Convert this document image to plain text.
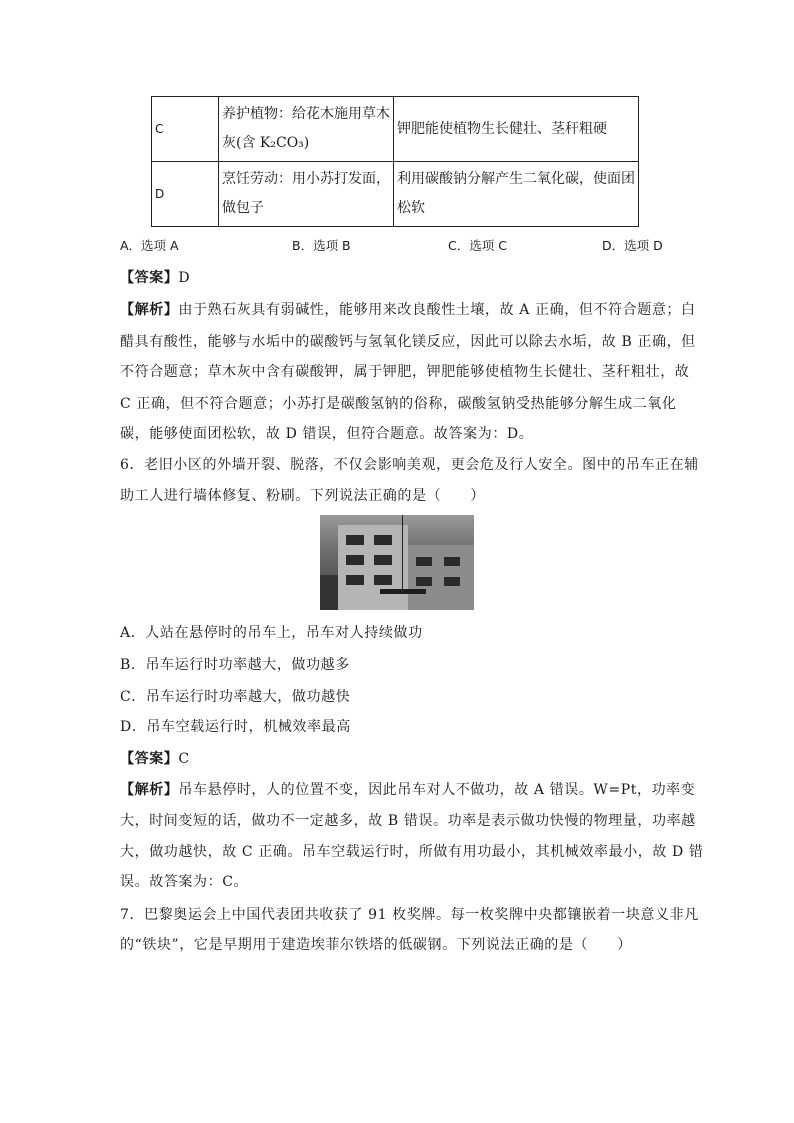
C	养护植物：给花木施用草木灰(含 K₂CO₃)	钾肥能使植物生长健壮、茎秆粗硬
D	烹饪劳动：用小苏打发面，做包子	利用碳酸钠分解产生二氧化碳，使面团松软
A．选项 A	B．选项 B	C．选项 C	D．选项 D
【答案】D
【解析】由于熟石灰具有弱碱性，能够用来改良酸性土壤，故 A 正确，但不符合题意；白
醋具有酸性，能够与水垢中的碳酸钙与氢氧化镁反应，因此可以除去水垢，故 B 正确，但
不符合题意；草木灰中含有碳酸钾，属于钾肥，钾肥能够使植物生长健壮、茎秆粗壮，故
C 正确，但不符合题意；小苏打是碳酸氢钠的俗称，碳酸氢钠受热能够分解生成二氧化
碳，能够使面团松软，故 D 错误，但符合题意。故答案为：D。
6．老旧小区的外墙开裂、脱落，不仅会影响美观，更会危及行人安全。图中的吊车正在辅
助工人进行墙体修复、粉刷。下列说法正确的是（　　）
A．人站在悬停时的吊车上，吊车对人持续做功
B．吊车运行时功率越大，做功越多
C．吊车运行时功率越大，做功越快
D．吊车空载运行时，机械效率最高
【答案】C
【解析】吊车悬停时，人的位置不变，因此吊车对人不做功，故 A 错误。W=Pt，功率变
大，时间变短的话，做功不一定越多，故 B 错误。功率是表示做功快慢的物理量，功率越
大，做功越快，故 C 正确。吊车空载运行时，所做有用功最小，其机械效率最小，故 D 错
误。故答案为：C。
7．巴黎奥运会上中国代表团共收获了 91 枚奖牌。每一枚奖牌中央都镶嵌着一块意义非凡
的“铁块”，它是早期用于建造埃菲尔铁塔的低碳钢。下列说法正确的是（　　）
